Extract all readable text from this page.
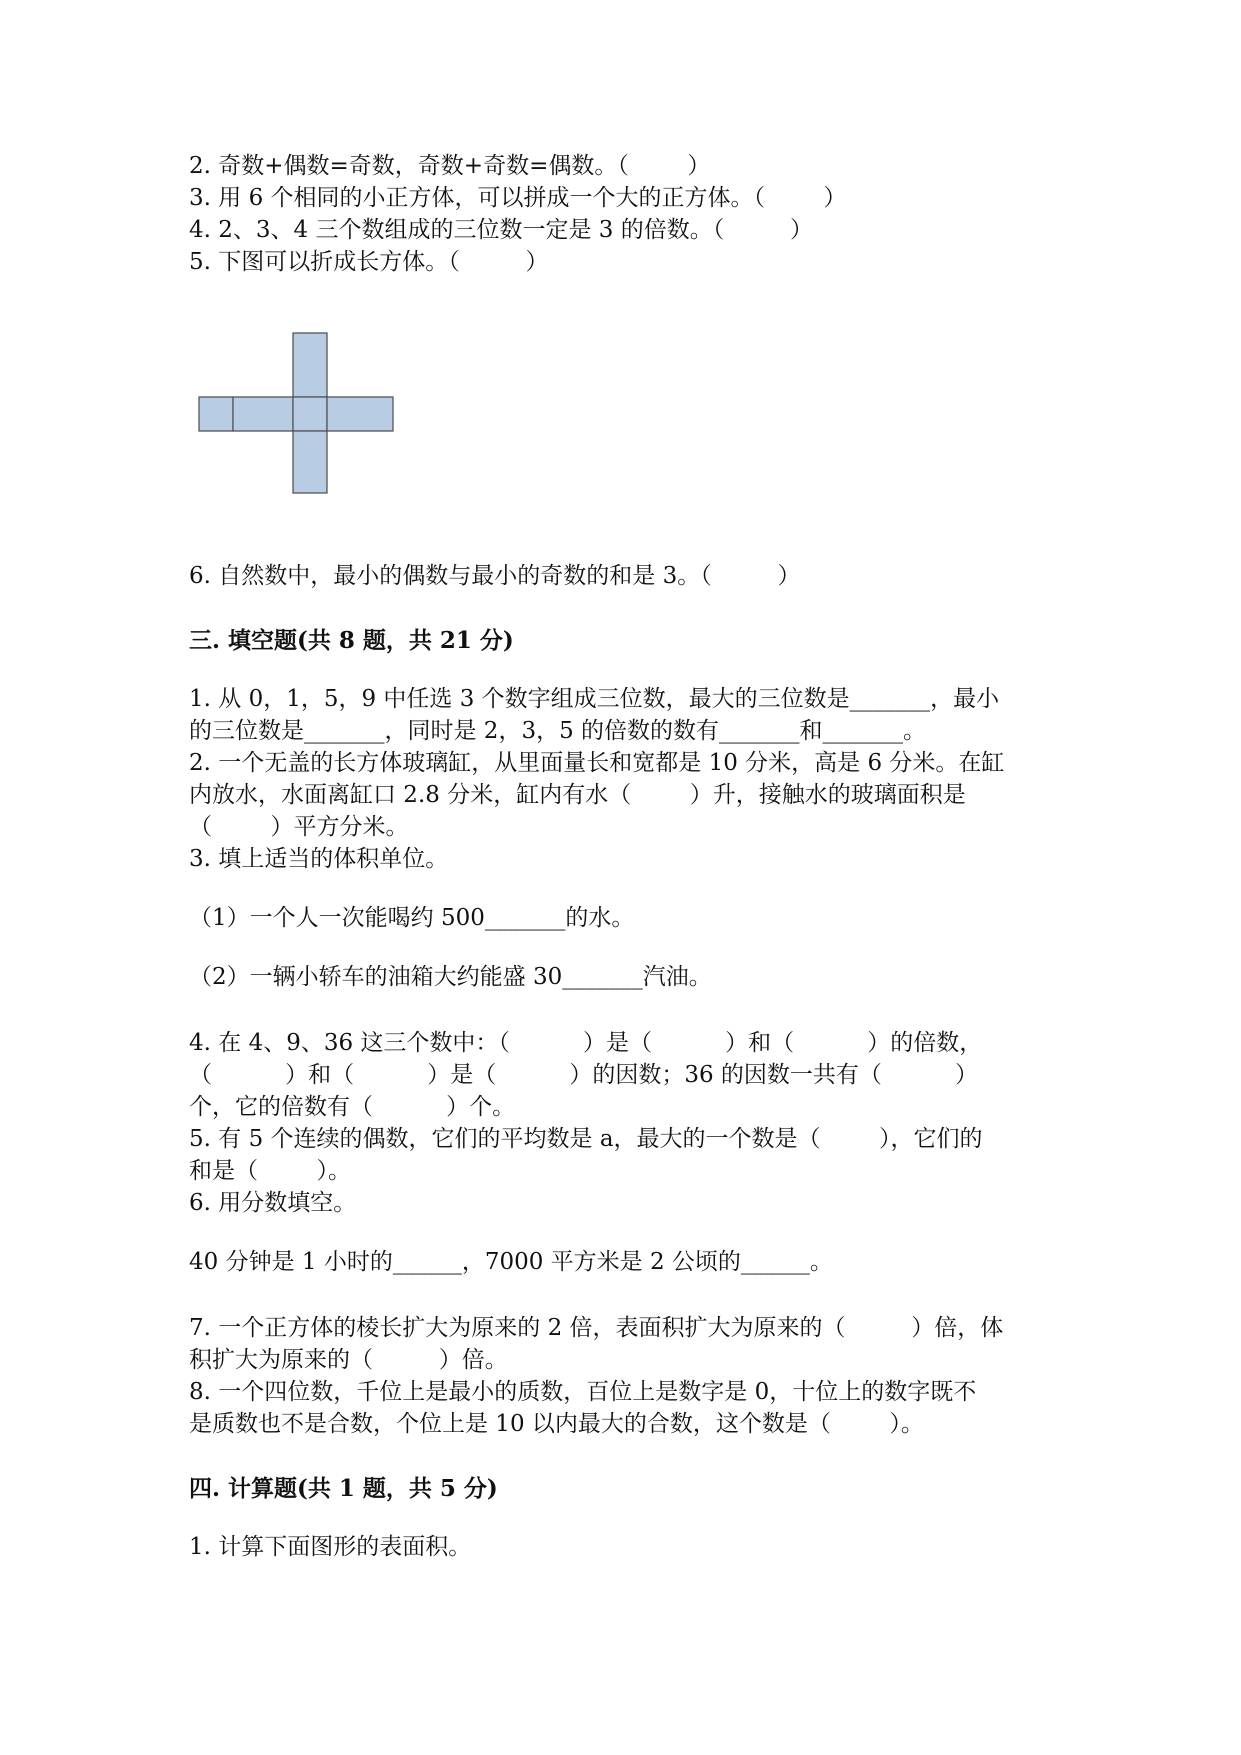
2. 奇数+偶数=奇数，奇数+奇数=偶数。（        ）
3. 用 6 个相同的小正方体，可以拼成一个大的正方体。（        ）
4. 2、3、4 三个数组成的三位数一定是 3 的倍数。（         ）
5. 下图可以折成长方体。（         ）
6. 自然数中，最小的偶数与最小的奇数的和是 3。（         ）
三. 填空题(共 8 题，共 21 分)
1. 从 0，1，5，9 中任选 3 个数字组成三位数，最大的三位数是_______，最小
的三位数是_______，同时是 2，3，5 的倍数的数有_______和_______。
2. 一个无盖的长方体玻璃缸，从里面量长和宽都是 10 分米，高是 6 分米。在缸
内放水，水面离缸口 2.8 分米，缸内有水（        ）升，接触水的玻璃面积是
（        ）平方分米。
3. 填上适当的体积单位。
（1）一个人一次能喝约 500_______的水。
（2）一辆小轿车的油箱大约能盛 30_______汽油。
4. 在 4、9、36 这三个数中：（          ）是（          ）和（          ）的倍数，
（          ）和（          ）是（          ）的因数；36 的因数一共有（          ）
个，它的倍数有（          ）个。
5. 有 5 个连续的偶数，它们的平均数是 a，最大的一个数是（        ），它们的
和是（        ）。
6. 用分数填空。
40 分钟是 1 小时的______，7000 平方米是 2 公顷的______。
7. 一个正方体的棱长扩大为原来的 2 倍，表面积扩大为原来的（         ）倍，体
积扩大为原来的（         ）倍。
8. 一个四位数，千位上是最小的质数，百位上是数字是 0，十位上的数字既不
是质数也不是合数，个位上是 10 以内最大的合数，这个数是（        ）。
四. 计算题(共 1 题，共 5 分)
1. 计算下面图形的表面积。
